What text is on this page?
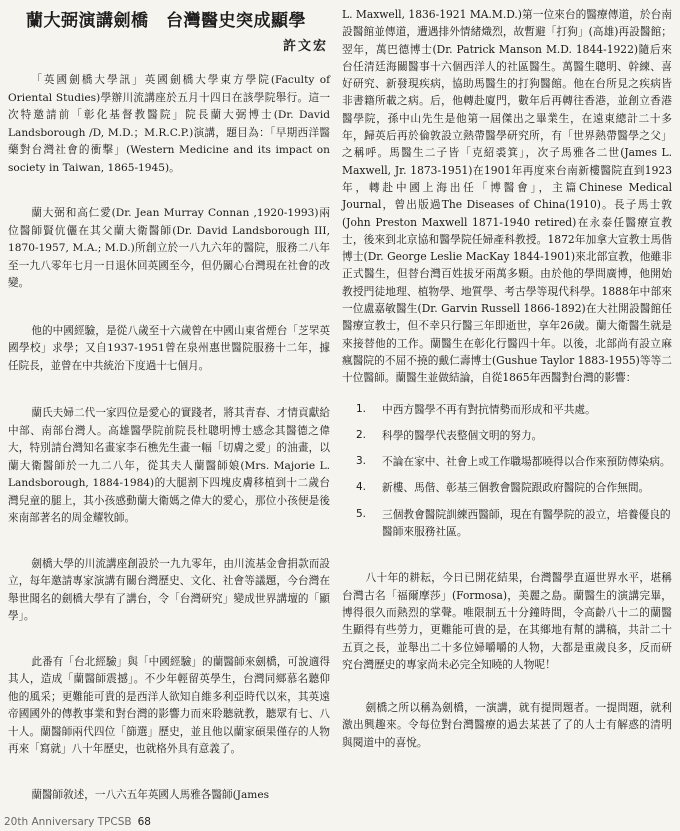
蘭大弼演講劍橋　台灣醫史突成顯學
許文宏

「英國劍橋大學訊」英國劍橋大學東方學院(Faculty of Oriental Studies)學辦川流講座於五月十四日在該學院舉行。這一次特邀請前「彰化基督教醫院」院長蘭大弼博士(Dr. David Landsborough /D, M.D.；M.R.C.P.)演講，題目為：「早期西洋醫藥對台灣社會的衝擊」(Western Medicine and its impact on society in Taiwan, 1865-1945)。

蘭大弼和高仁愛(Dr. Jean Murray Connan ,1920-1993)兩位醫師賢伉儷在其父蘭大衛醫師(Dr. David Landsborough III, 1870-1957, M.A.; M.D.)所創立於一八九六年的醫院，服務二八年至一九八零年七月一日退休回英國至今，但仍關心台灣現在社會的改變。

他的中國經驗，是從八歲至十六歲曾在中國山東省煙台「芝罘英國學校」求學；又自1937-1951曾在泉州惠世醫院服務十二年，據任院長，並曾在中共統治下度過十七個月。

蘭氏夫婦二代一家四位是愛心的實踐者，將其青春、才情貢獻給中部、南部台灣人。高雄醫學院前院長杜聰明博士感念其醫德之偉大，特別請台灣知名畫家李石樵先生畫一幅「切膚之愛」的油畫，以蘭大衛醫師於一九二八年，從其夫人蘭醫師娘(Mrs. Majorie L. Landsborough, 1884-1984)的大腿割下四塊皮膚移植到十二歲台灣兒童的腿上，其小孩感動蘭大衛媽之偉大的愛心，那位小孩便是後來南部著名的周金耀牧師。

劍橋大學的川流講座創設於一九九零年，由川流基金會捐款而設立，每年邀請專家演講有關台灣歷史、文化、社會等議題，今台灣在舉世聞名的劍橋大學有了講台，令「台灣研究」變成世界講壇的「顯學」。

此番有「台北經驗」與「中國經驗」的蘭醫師來劍橋，可說適得其人，造成「蘭醫師震撼」。不少年輕留英學生，台灣同鄉慕名聽仰他的風采；更難能可貴的是西洋人欲知自維多利亞時代以來，其英遠帝國國外的傳教事業和對台灣的影響力而來聆聽就教，聽眾有七、八十人。蘭醫師兩代四位「篩選」歷史，並且他以蘭家碩果僅存的人物再來「寫就」八十年歷史，也就格外具有意義了。

蘭醫師敘述，一八六五年英國人馬雅各醫師(James

L. Maxwell, 1836-1921 MA.M.D.)第一位來台的醫療傳道，於台南設醫館並傳道，遭遇排外情緒熾烈，故暫避「打狗」(高雄)再設醫館；翌年，萬巴德博士(Dr. Patrick Manson M.D. 1844-1922)隨后來台任清廷海關醫事十六個西洋人的社區醫生。萬醫生聰明、幹練、喜好研究、新發現疾病，協助馬醫生的打狗醫館。他在台所見之疾病皆非書籍所載之病。后，他轉赴廈門，數年后再轉往香港，並創立香港醫學院，孫中山先生是他第一屆傑出之畢業生，在遠東總計二十多年，歸英后再於倫敦設立熱帶醫學研究所，有「世界熱帶醫學之父」之稱呼。馬醫生二子皆「克紹裘箕」，次子馬雅各二世(James L. Maxwell, Jr. 1873-1951)在1901年再度來台南新樓醫院直到1923年，轉赴中國上海出任「博醫會」，主篇Chinese Medical Journal，曾出版過The Diseases of China(1910)。長子馬士敦(John Preston Maxwell 1871-1940 retired)在永泰任醫療宣教士，後來到北京協和醫學院任婦產科教授。1872年加拿大宣教士馬偕博士(Dr. George Leslie MacKay 1844-1901)來北部宣教，他雖非正式醫生，但替台灣百姓拔牙兩萬多顆。由於他的學問廣博，他開始教授門徒地理、植物學、地質學、考古學等現代科學。1888年中部來一位盧嘉敏醫生(Dr. Garvin Russell 1866-1892)在大社開設醫館任醫療宣教士，但不幸只行醫三年即逝世，享年26歲。蘭大衛醫生就是來接替他的工作。蘭醫生在彰化行醫四十年。以後，北部尚有設立麻瘋醫院的不屈不撓的戴仁壽博士(Gushue Taylor 1883-1955)等等二十位醫師。蘭醫生並做結論，自從1865年西醫對台灣的影響：

1.	中西方醫學不再有對抗情勢而形成和平共處。
2.	科學的醫學代表整個文明的努力。
3.	不論在家中、社會上或工作職場都曉得以合作來預防傳染病。
4.	新樓、馬偕、彰基三個教會醫院跟政府醫院的合作無間。
5.	三個教會醫院訓練西醫師，現在有醫學院的設立，培養優良的醫師來服務社區。

八十年的耕耘，今日已開花結果，台灣醫學直逼世界水平，堪稱台灣古名「福爾摩莎」(Formosa)，美麗之島。蘭醫生的演講完畢，博得很久而熱烈的掌聲。唯限制五十分鐘時間，令高齡八十二的蘭醫生顯得有些勞力，更難能可貴的是，在其鄉地有幫的講稿，共計二十五頁之長，並舉出二十多位婦嚼嚼的人物，大都是重歲良多，反而研究台灣歷史的專家尚未必完全知曉的人物呢！

劍橋之所以稱為劍橋，一演講，就有提問題者。一提問題，就利激出興趣來。令每位對台灣醫療的過去某甚了了的人士有解惑的清明與閱道中的喜悅。

20th Anniversary TPCSB 68
